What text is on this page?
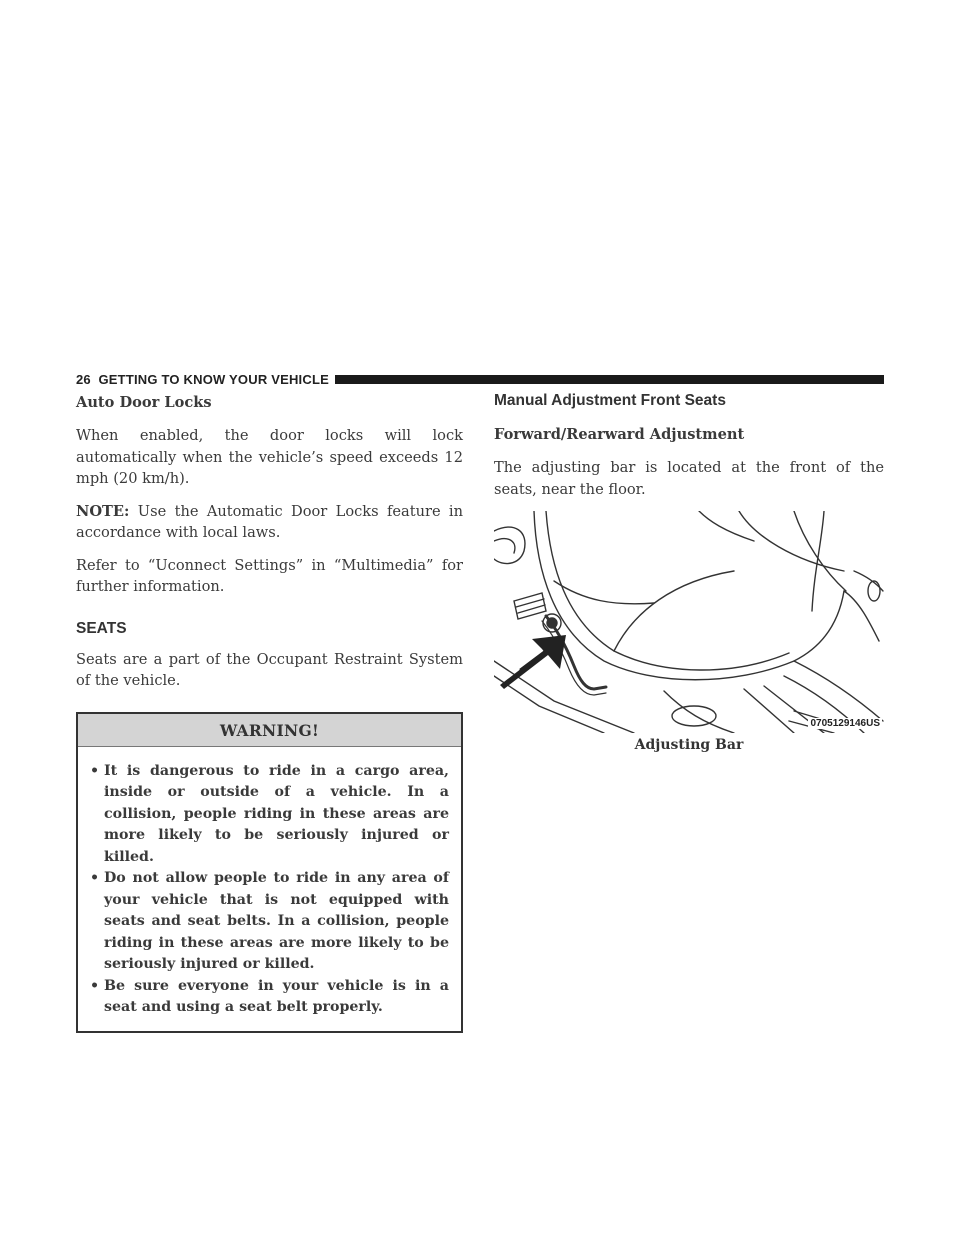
26 GETTING TO KNOW YOUR VEHICLE
Auto Door Locks

When enabled, the door locks will lock automatically when the vehicle’s speed exceeds 12 mph (20 km/h).

NOTE: Use the Automatic Door Locks feature in accordance with local laws.

Refer to “Uconnect Settings” in “Multimedia” for further information.

SEATS

Seats are a part of the Occupant Restraint System of the vehicle.

WARNING!
• It is dangerous to ride in a cargo area, inside or outside of a vehicle. In a collision, people riding in these areas are more likely to be seriously injured or killed.
• Do not allow people to ride in any area of your vehicle that is not equipped with seats and seat belts. In a collision, people riding in these areas are more likely to be seriously injured or killed.
• Be sure everyone in your vehicle is in a seat and using a seat belt properly.
Manual Adjustment Front Seats
Forward/Rearward Adjustment

The adjusting bar is located at the front of the seats, near the floor.

0705129146US
Adjusting Bar
